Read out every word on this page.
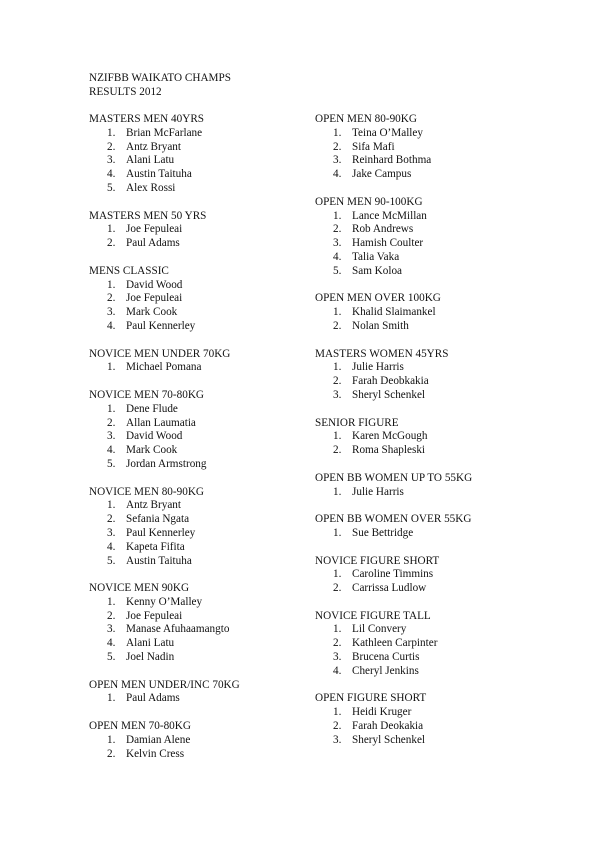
NZIFBB WAIKATO CHAMPS
RESULTS 2012
MASTERS MEN 40YRS
1. Brian McFarlane
2. Antz Bryant
3. Alani Latu
4. Austin Taituha
5. Alex Rossi
MASTERS MEN 50 YRS
1. Joe Fepuleai
2. Paul Adams
MENS CLASSIC
1. David Wood
2. Joe Fepuleai
3. Mark Cook
4. Paul Kennerley
NOVICE MEN UNDER 70KG
1. Michael Pomana
NOVICE MEN 70-80KG
1. Dene Flude
2. Allan Laumatia
3. David Wood
4. Mark Cook
5. Jordan Armstrong
NOVICE MEN 80-90KG
1. Antz Bryant
2. Sefania Ngata
3. Paul Kennerley
4. Kapeta Fifita
5. Austin Taituha
NOVICE MEN 90KG
1. Kenny O’Malley
2. Joe Fepuleai
3. Manase Afuhaamangto
4. Alani Latu
5. Joel Nadin
OPEN MEN UNDER/INC 70KG
1. Paul Adams
OPEN MEN 70-80KG
1. Damian Alene
2. Kelvin Cress
OPEN MEN 80-90KG
1. Teina O’Malley
2. Sifa Mafi
3. Reinhard Bothma
4. Jake Campus
OPEN MEN 90-100KG
1. Lance McMillan
2. Rob Andrews
3. Hamish Coulter
4. Talia Vaka
5. Sam Koloa
OPEN MEN OVER 100KG
1. Khalid Slaimankel
2. Nolan Smith
MASTERS WOMEN 45YRS
1. Julie Harris
2. Farah Deobkakia
3. Sheryl Schenkel
SENIOR FIGURE
1. Karen McGough
2. Roma Shapleski
OPEN BB WOMEN UP TO 55KG
1. Julie Harris
OPEN BB WOMEN OVER 55KG
1. Sue Bettridge
NOVICE FIGURE SHORT
1. Caroline Timmins
2. Carrissa Ludlow
NOVICE FIGURE TALL
1. Lil Convery
2. Kathleen Carpinter
3. Brucena Curtis
4. Cheryl Jenkins
OPEN FIGURE SHORT
1. Heidi Kruger
2. Farah Deokakia
3. Sheryl Schenkel
